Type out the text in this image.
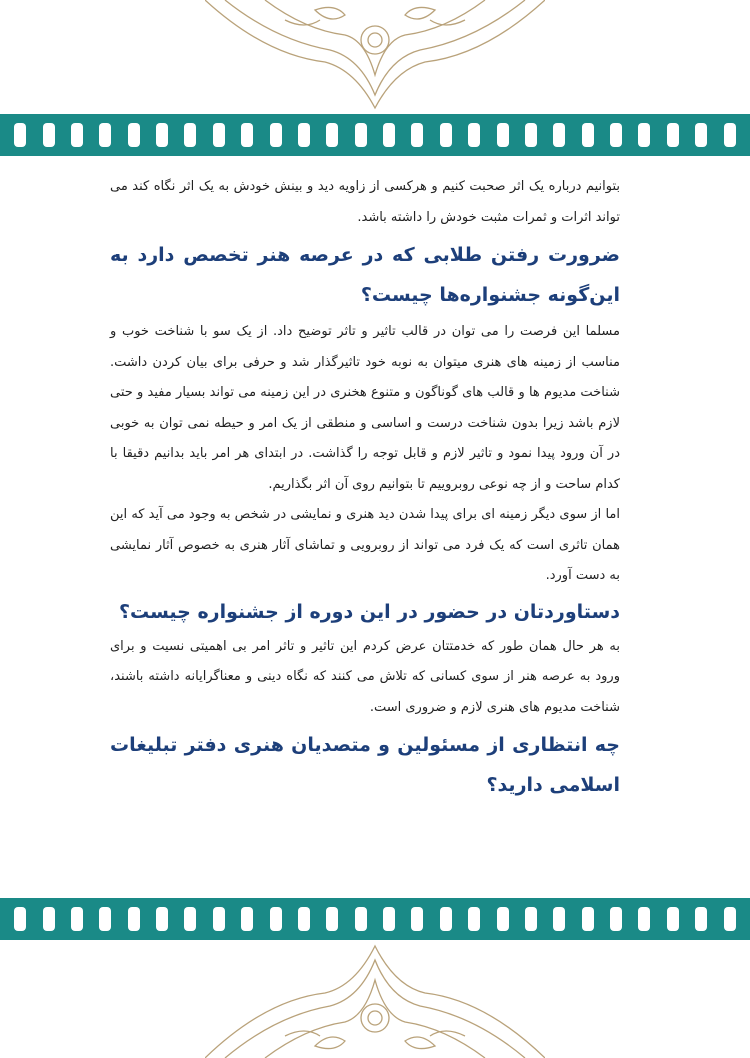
بتوانیم درباره یک اثر صحبت کنیم و هرکسی از زاویه دید و بینش خودش به یک اثر نگاه کند می تواند اثرات و ثمرات مثبت خودش را داشته باشد.

ضرورت رفتن طلابی که در عرصه هنر تخصص دارد به این‌گونه جشنواره‌ها چیست؟

مسلما این فرصت را می توان در قالب تاثیر و تاثر توضیح داد. از یک سو با شناخت خوب و مناسب از زمینه های هنری میتوان به نوبه خود تاثیرگذار شد و حرفی برای بیان کردن داشت. شناخت مدیوم ها و قالب های گوناگون و متنوع هخنری در این زمینه می تواند بسیار مفید و حتی لازم باشد زیرا بدون شناخت درست و اساسی و منطقی از یک امر و حیطه نمی توان به خوبی در آن ورود پیدا نمود و تاثیر لازم و قابل توجه را گذاشت. در ابتدای هر امر باید بدانیم دقیقا با کدام ساحت و از چه نوعی روبروییم تا بتوانیم روی آن اثر بگذاریم.

اما از سوی دیگر زمینه ای برای پیدا شدن دید هنری و نمایشی در شخص به وجود می آید که این همان تاثری است که یک فرد می تواند از روبرویی و تماشای آثار هنری به خصوص آثار نمایشی به دست آورد.

دستاوردتان در حضور در این دوره از جشنواره چیست؟

به هر حال همان طور که خدمتتان عرض کردم این تاثیر و تاثر امر بی اهمیتی نسیت و برای ورود به عرصه هنر از سوی کسانی که تلاش می کنند که نگاه دینی و معناگرایانه داشته باشند، شناخت مدیوم های هنری لازم و ضروری است.

چه انتظاری از مسئولین و متصدیان هنری دفتر تبلیغات اسلامی دارید؟
